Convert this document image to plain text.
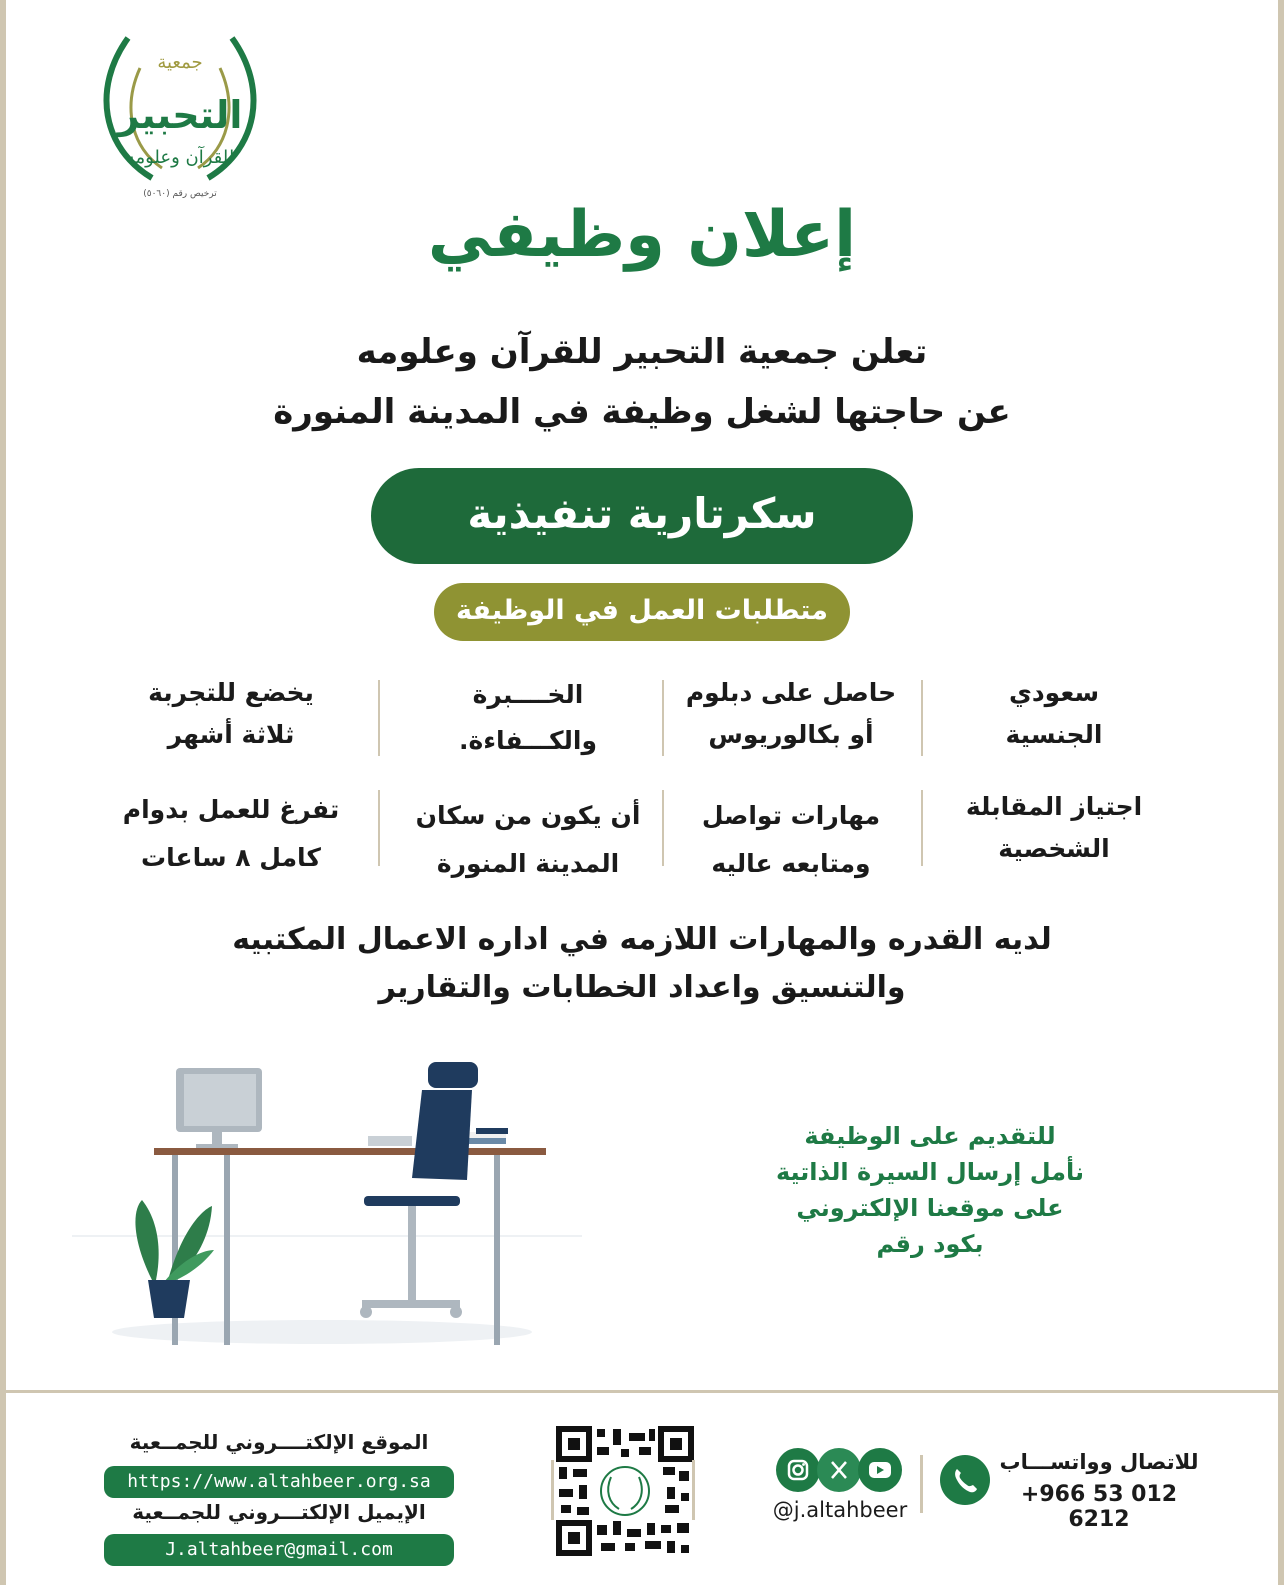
جمعية
التحبير
للقرآن وعلومه
ترخيص رقم (٥٠٦٠)
إعلان وظيفي
تعلن جمعية التحبير للقرآن وعلومه
عن حاجتها لشغل وظيفة في المدينة المنورة
سكرتارية تنفيذية
متطلبات العمل في الوظيفة
سعودي
الجنسية
حاصل على دبلوم
أو بكالوريوس
الخــــبرة
والكـــفاءة.
يخضع للتجربة
ثلاثة أشهر
اجتياز المقابلة
الشخصية
مهارات تواصل
ومتابعه عاليه
أن يكون من سكان
المدينة المنورة
تفرغ للعمل بدوام
كامل ٨ ساعات
لديه القدره والمهارات اللازمه في اداره الاعمال المكتبيه
والتنسيق واعداد الخطابات والتقارير
للتقديم على الوظيفة
نأمل إرسال السيرة الذاتية
على موقعنا الإلكتروني
بكود رقم
الموقع الإلكتــــروني للجمــعية
https://www.altahbeer.org.sa
الإيميل الإلكتـــروني للجمــعية
J.altahbeer@gmail.com
@j.altahbeer
للاتصال وواتســـاب
+966 53 012 6212
